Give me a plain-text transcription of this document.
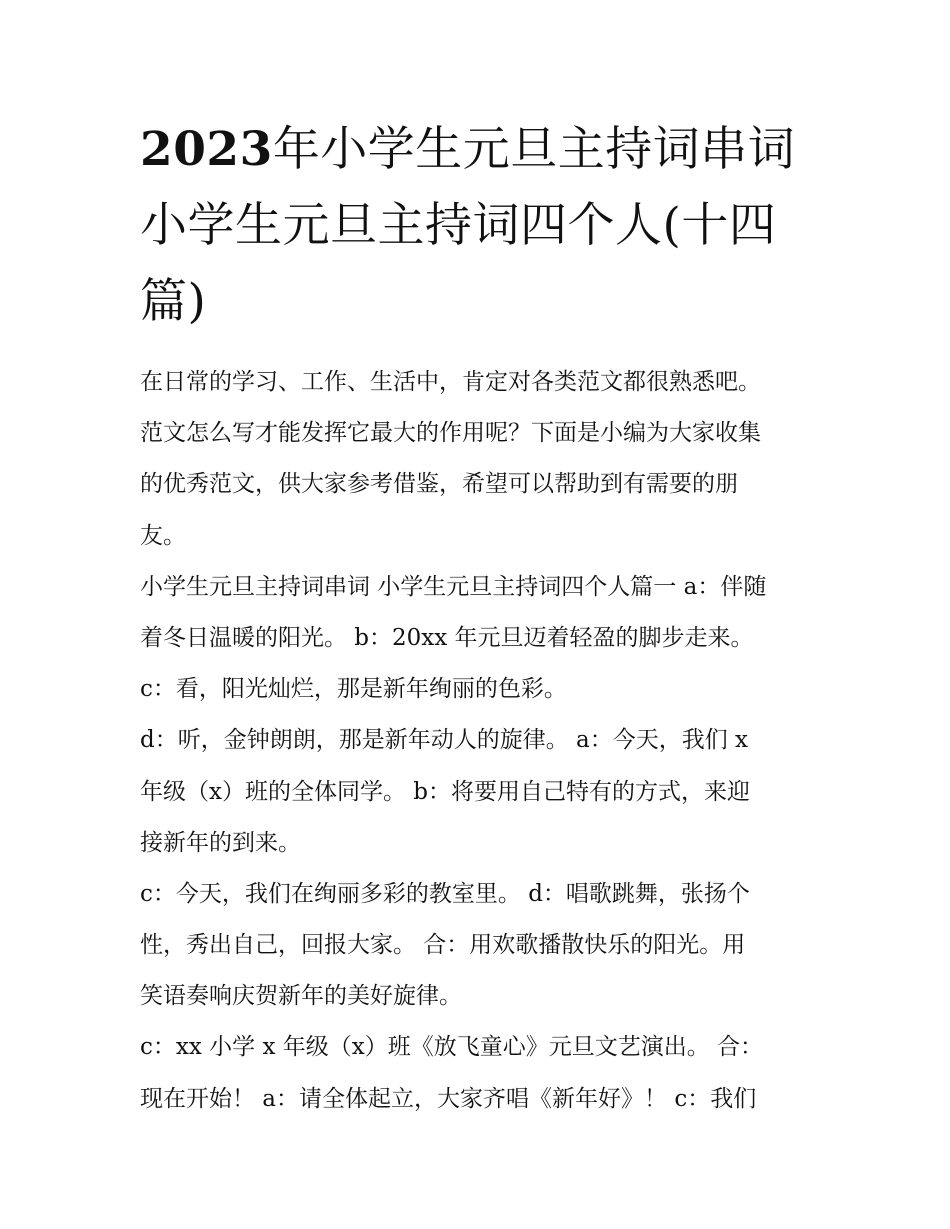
2023年小学生元旦主持词串词
小学生元旦主持词四个人(十四
篇)
在日常的学习、工作、生活中，肯定对各类范文都很熟悉吧。
范文怎么写才能发挥它最大的作用呢？下面是小编为大家收集
的优秀范文，供大家参考借鉴，希望可以帮助到有需要的朋
友。
小学生元旦主持词串词 小学生元旦主持词四个人篇一 a：伴随
着冬日温暖的阳光。 b：20xx 年元旦迈着轻盈的脚步走来。
c：看，阳光灿烂，那是新年绚丽的色彩。
d：听，金钟朗朗，那是新年动人的旋律。 a：今天，我们 x
年级（x）班的全体同学。 b：将要用自己特有的方式，来迎
接新年的到来。
c：今天，我们在绚丽多彩的教室里。 d：唱歌跳舞，张扬个
性，秀出自己，回报大家。 合：用欢歌播散快乐的阳光。用
笑语奏响庆贺新年的美好旋律。
c：xx 小学 x 年级（x）班《放飞童心》元旦文艺演出。 合：
现在开始！ a：请全体起立，大家齐唱《新年好》！ c：我们
